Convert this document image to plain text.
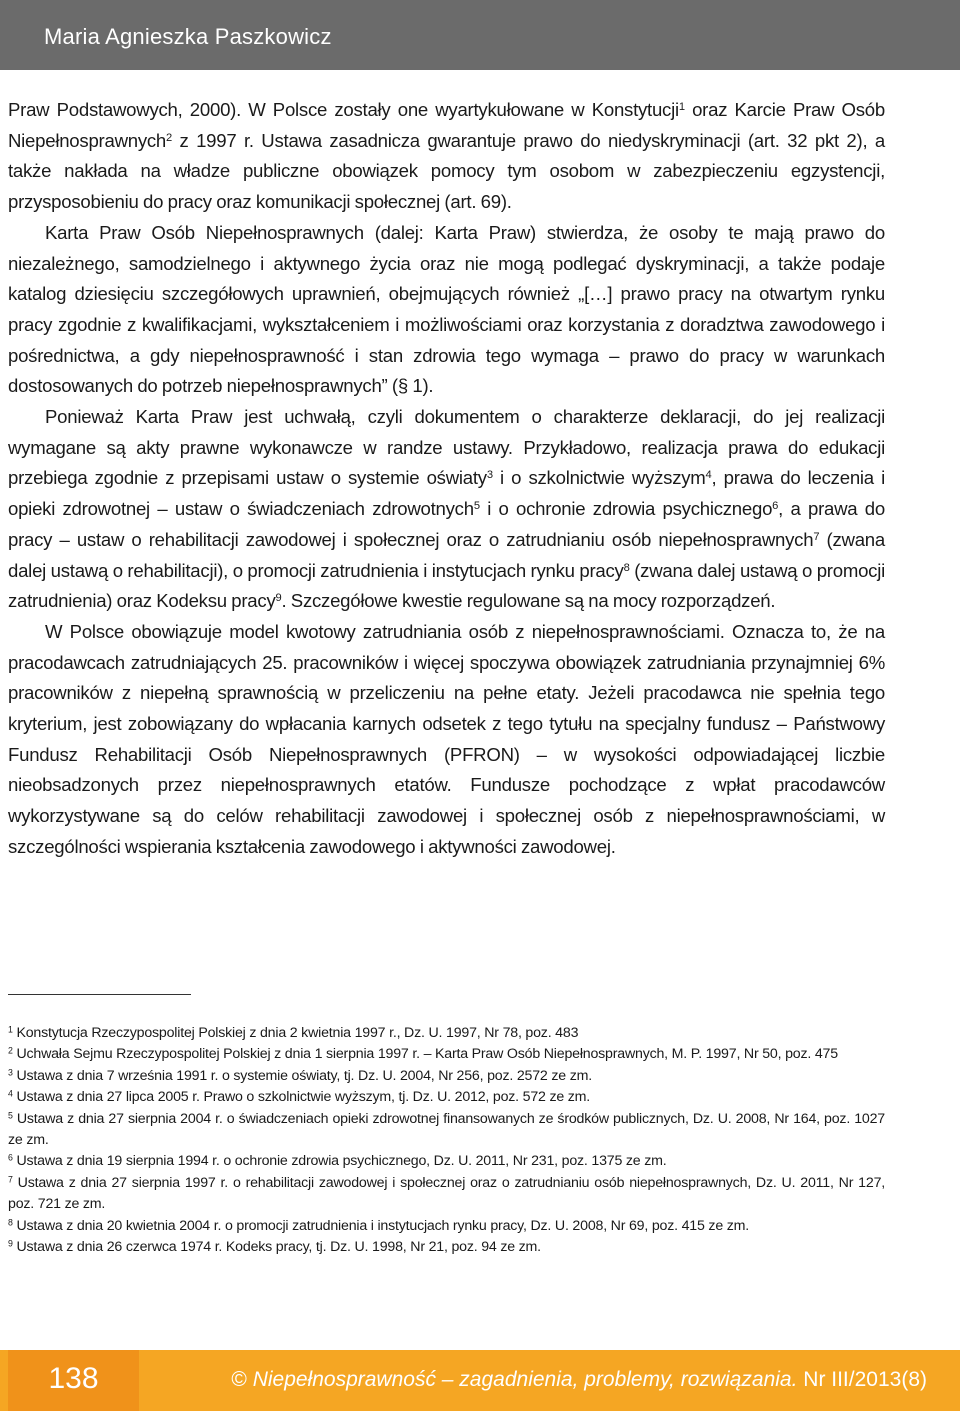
Maria Agnieszka Paszkowicz

Praw Podstawowych, 2000). W Polsce zostały one wyartykułowane w Konstytucji$^1$ oraz Karcie Praw Osób Niepełnosprawnych$^2$ z 1997 r. Ustawa zasadnicza gwarantuje prawo do niedyskryminacji (art. 32 pkt 2), a także nakłada na władze publiczne obowiązek pomocy tym osobom w zabezpieczeniu egzystencji, przysposobieniu do pracy oraz komunikacji społecznej (art. 69).

Karta Praw Osób Niepełnosprawnych (dalej: Karta Praw) stwierdza, że osoby te mają prawo do niezależnego, samodzielnego i aktywnego życia oraz nie mogą podlegać dyskryminacji, a także podaje katalog dziesięciu szczegółowych uprawnień, obejmujących również „[…] prawo pracy na otwartym rynku pracy zgodnie z kwalifikacjami, wykształceniem i możliwościami oraz korzystania z doradztwa zawodowego i pośrednictwa, a gdy niepełnosprawność i stan zdrowia tego wymaga – prawo do pracy w warunkach dostosowanych do potrzeb niepełnosprawnych” (§ 1).

Ponieważ Karta Praw jest uchwałą, czyli dokumentem o charakterze deklaracji, do jej realizacji wymagane są akty prawne wykonawcze w randze ustawy. Przykładowo, realizacja prawa do edukacji przebiega zgodnie z przepisami ustaw o systemie oświaty$^3$ i o szkolnictwie wyższym$^4$, prawa do leczenia i opieki zdrowotnej – ustaw o świadczeniach zdrowotnych$^5$ i o ochronie zdrowia psychicznego$^6$, a prawa do pracy – ustaw o rehabilitacji zawodowej i społecznej oraz o zatrudnianiu osób niepełnosprawnych$^7$ (zwana dalej ustawą o rehabilitacji), o promocji zatrudnienia i instytucjach rynku pracy$^8$ (zwana dalej ustawą o promocji zatrudnienia) oraz Kodeksu pracy$^9$. Szczegółowe kwestie regulowane są na mocy rozporządzeń.

W Polsce obowiązuje model kwotowy zatrudniania osób z niepełnosprawnościami. Oznacza to, że na pracodawcach zatrudniających 25. pracowników i więcej spoczywa obowiązek zatrudniania przynajmniej 6% pracowników z niepełną sprawnością w przeliczeniu na pełne etaty. Jeżeli pracodawca nie spełnia tego kryterium, jest zobowiązany do wpłacania karnych odsetek z tego tytułu na specjalny fundusz – Państwowy Fundusz Rehabilitacji Osób Niepełnosprawnych (PFRON) – w wysokości odpowiadającej liczbie nieobsadzonych przez niepełnosprawnych etatów. Fundusze pochodzące z wpłat pracodawców wykorzystywane są do celów rehabilitacji zawodowej i społecznej osób z niepełnosprawnościami, w szczególności wspierania kształcenia zawodowego i aktywności zawodowej.

$^1$ Konstytucja Rzeczypospolitej Polskiej z dnia 2 kwietnia 1997 r., Dz. U. 1997, Nr 78, poz. 483

$^2$ Uchwała Sejmu Rzeczypospolitej Polskiej z dnia 1 sierpnia 1997 r. – Karta Praw Osób Niepełnosprawnych, M. P. 1997, Nr 50, poz. 475

$^3$ Ustawa z dnia 7 września 1991 r. o systemie oświaty, tj. Dz. U. 2004, Nr 256, poz. 2572 ze zm.

$^4$ Ustawa z dnia 27 lipca 2005 r. Prawo o szkolnictwie wyższym, tj. Dz. U. 2012, poz. 572 ze zm.

$^5$ Ustawa z dnia 27 sierpnia 2004 r. o świadczeniach opieki zdrowotnej finansowanych ze środków publicznych, Dz. U. 2008, Nr 164, poz. 1027 ze zm.

$^6$ Ustawa z dnia 19 sierpnia 1994 r. o ochronie zdrowia psychicznego, Dz. U. 2011, Nr 231, poz. 1375 ze zm.

$^7$ Ustawa z dnia 27 sierpnia 1997 r. o rehabilitacji zawodowej i społecznej oraz o zatrudnianiu osób niepełnosprawnych, Dz. U. 2011, Nr 127, poz. 721 ze zm.

$^8$ Ustawa z dnia 20 kwietnia 2004 r. o promocji zatrudnienia i instytucjach rynku pracy, Dz. U. 2008, Nr 69, poz. 415 ze zm.

$^9$ Ustawa z dnia 26 czerwca 1974 r. Kodeks pracy, tj. Dz. U. 1998, Nr 21, poz. 94 ze zm.

138	© Niepełnosprawność – zagadnienia, problemy, rozwiązania. Nr III/2013(8)
